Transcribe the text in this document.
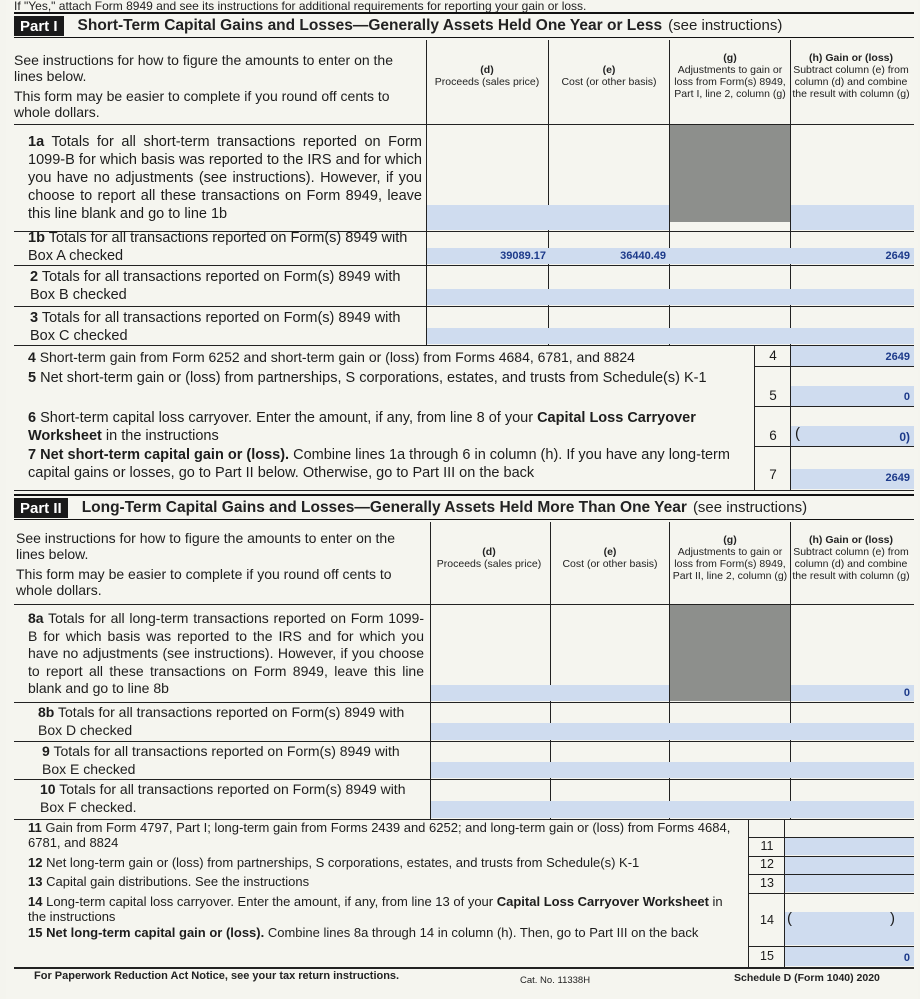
If "Yes," attach Form 8949 and see its instructions for additional requirements for reporting your gain or loss.
Part I	Short-Term Capital Gains and Losses—Generally Assets Held One Year or Less (see instructions)
See instructions for how to figure the amounts to enter on the lines below.
This form may be easier to complete if you round off cents to whole dollars.
(d)
Proceeds (sales price)
(e)
Cost (or other basis)
(g)
Adjustments to gain or loss from Form(s) 8949, Part I, line 2, column (g)
(h) Gain or (loss)
Subtract column (e) from column (d) and combine the result with column (g)
1a Totals for all short-term transactions reported on Form 1099-B for which basis was reported to the IRS and for which you have no adjustments (see instructions). However, if you choose to report all these transactions on Form 8949, leave this line blank and go to line 1b
1b Totals for all transactions reported on Form(s) 8949 with Box A checked	39089.17	36440.49	2649
2 Totals for all transactions reported on Form(s) 8949 with Box B checked
3 Totals for all transactions reported on Form(s) 8949 with Box C checked
4 Short-term gain from Form 6252 and short-term gain or (loss) from Forms 4684, 6781, and 8824	4	2649
5 Net short-term gain or (loss) from partnerships, S corporations, estates, and trusts from Schedule(s) K-1
5	0
6 Short-term capital loss carryover. Enter the amount, if any, from line 8 of your Capital Loss Carryover Worksheet in the instructions	6	(	0)
7 Net short-term capital gain or (loss). Combine lines 1a through 6 in column (h). If you have any long-term capital gains or losses, go to Part II below. Otherwise, go to Part III on the back	7	2649
Part II	Long-Term Capital Gains and Losses—Generally Assets Held More Than One Year (see instructions)
See instructions for how to figure the amounts to enter on the lines below.
This form may be easier to complete if you round off cents to whole dollars.
(d)
Proceeds (sales price)
(e)
Cost (or other basis)
(g)
Adjustments to gain or loss from Form(s) 8949, Part II, line 2, column (g)
(h) Gain or (loss)
Subtract column (e) from column (d) and combine the result with column (g)
8a Totals for all long-term transactions reported on Form 1099-B for which basis was reported to the IRS and for which you have no adjustments (see instructions). However, if you choose to report all these transactions on Form 8949, leave this line blank and go to line 8b	0
8b Totals for all transactions reported on Form(s) 8949 with Box D checked
9 Totals for all transactions reported on Form(s) 8949 with Box E checked
10 Totals for all transactions reported on Form(s) 8949 with Box F checked.
11 Gain from Form 4797, Part I; long-term gain from Forms 2439 and 6252; and long-term gain or (loss) from Forms 4684, 6781, and 8824	11
12 Net long-term gain or (loss) from partnerships, S corporations, estates, and trusts from Schedule(s) K-1	12
13 Capital gain distributions. See the instructions	13
14 Long-term capital loss carryover. Enter the amount, if any, from line 13 of your Capital Loss Carryover Worksheet in the instructions	14 (	)
15 Net long-term capital gain or (loss). Combine lines 8a through 14 in column (h). Then, go to Part III on the back
15	0
For Paperwork Reduction Act Notice, see your tax return instructions.	Cat. No. 11338H	Schedule D (Form 1040) 2020
